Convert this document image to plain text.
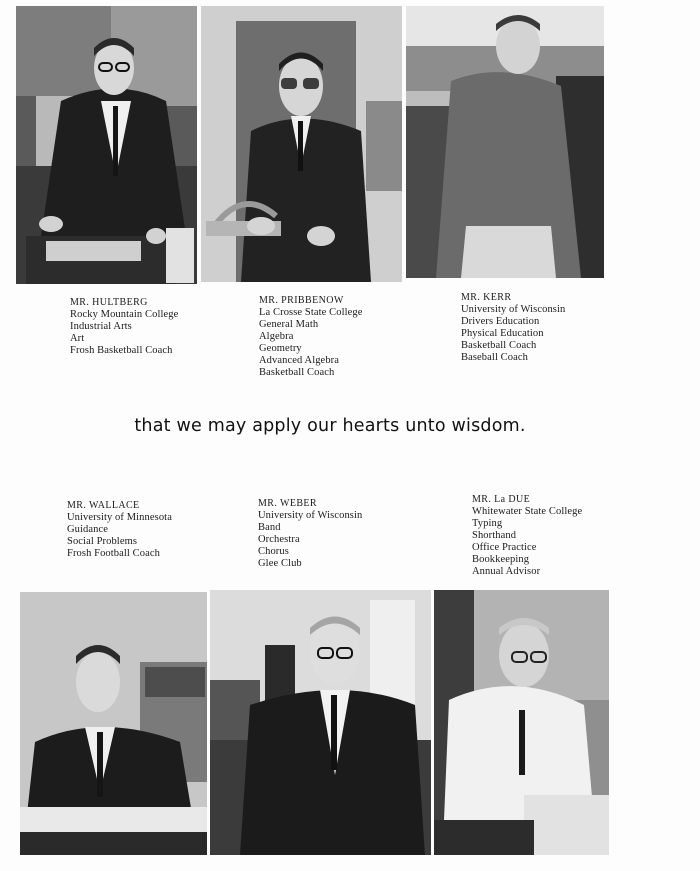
MR. HULTBERG
Rocky Mountain College
Industrial Arts
Art
Frosh Basketball Coach
MR. PRIBBENOW
La Crosse State College
General Math
Algebra
Geometry
Advanced Algebra
Basketball Coach
MR. KERR
University of Wisconsin
Drivers Education
Physical Education
Basketball Coach
Baseball Coach
that we may apply our hearts unto wisdom.
MR. WALLACE
University of Minnesota
Guidance
Social Problems
Frosh Football Coach
MR. WEBER
University of Wisconsin
Band
Orchestra
Chorus
Glee Club
MR. La DUE
Whitewater State College
Typing
Shorthand
Office Practice
Bookkeeping
Annual Advisor
